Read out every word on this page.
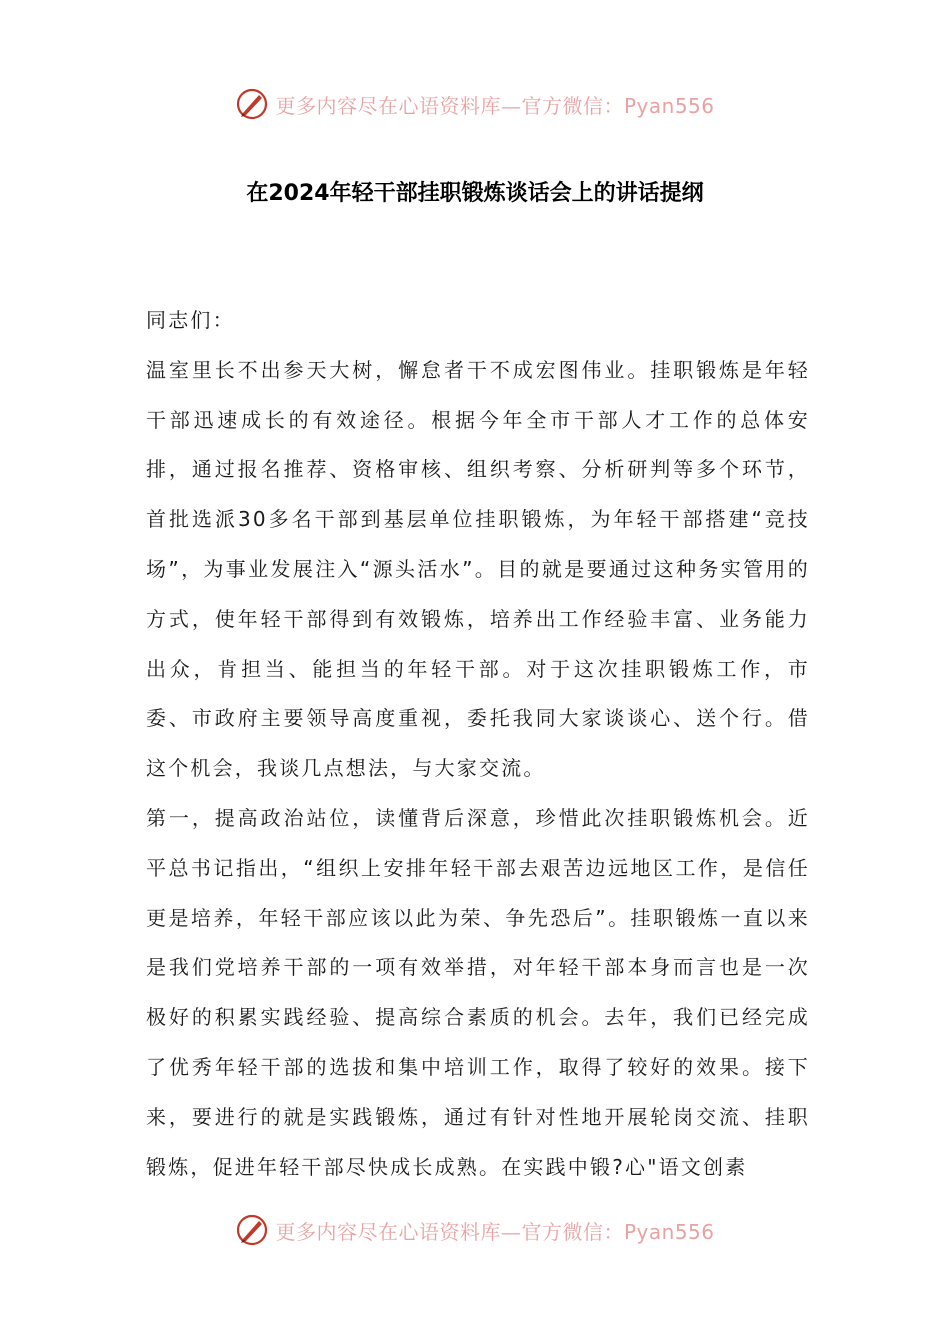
更多内容尽在心语资料库—官方微信：Pyan556
在2024年轻干部挂职锻炼谈话会上的讲话提纲

同志们：

温室里长不出参天大树，懈怠者干不成宏图伟业。挂职锻炼是年轻干部迅速成长的有效途径。根据今年全市干部人才工作的总体安排，通过报名推荐、资格审核、组织考察、分析研判等多个环节，首批选派30多名干部到基层单位挂职锻炼，为年轻干部搭建“竞技场”，为事业发展注入“源头活水”。目的就是要通过这种务实管用的方式，使年轻干部得到有效锻炼，培养出工作经验丰富、业务能力出众，肯担当、能担当的年轻干部。对于这次挂职锻炼工作，市委、市政府主要领导高度重视，委托我同大家谈谈心、送个行。借这个机会，我谈几点想法，与大家交流。

第一，提高政治站位，读懂背后深意，珍惜此次挂职锻炼机会。近平总书记指出，“组织上安排年轻干部去艰苦边远地区工作，是信任更是培养，年轻干部应该以此为荣、争先恐后”。挂职锻炼一直以来是我们党培养干部的一项有效举措，对年轻干部本身而言也是一次极好的积累实践经验、提高综合素质的机会。去年，我们已经完成了优秀年轻干部的选拔和集中培训工作，取得了较好的效果。接下来，要进行的就是实践锻炼，通过有针对性地开展轮岗交流、挂职锻炼，促进年轻干部尽快成长成熟。在实践中锻?心"语文创素

更多内容尽在心语资料库—官方微信：Pyan556
